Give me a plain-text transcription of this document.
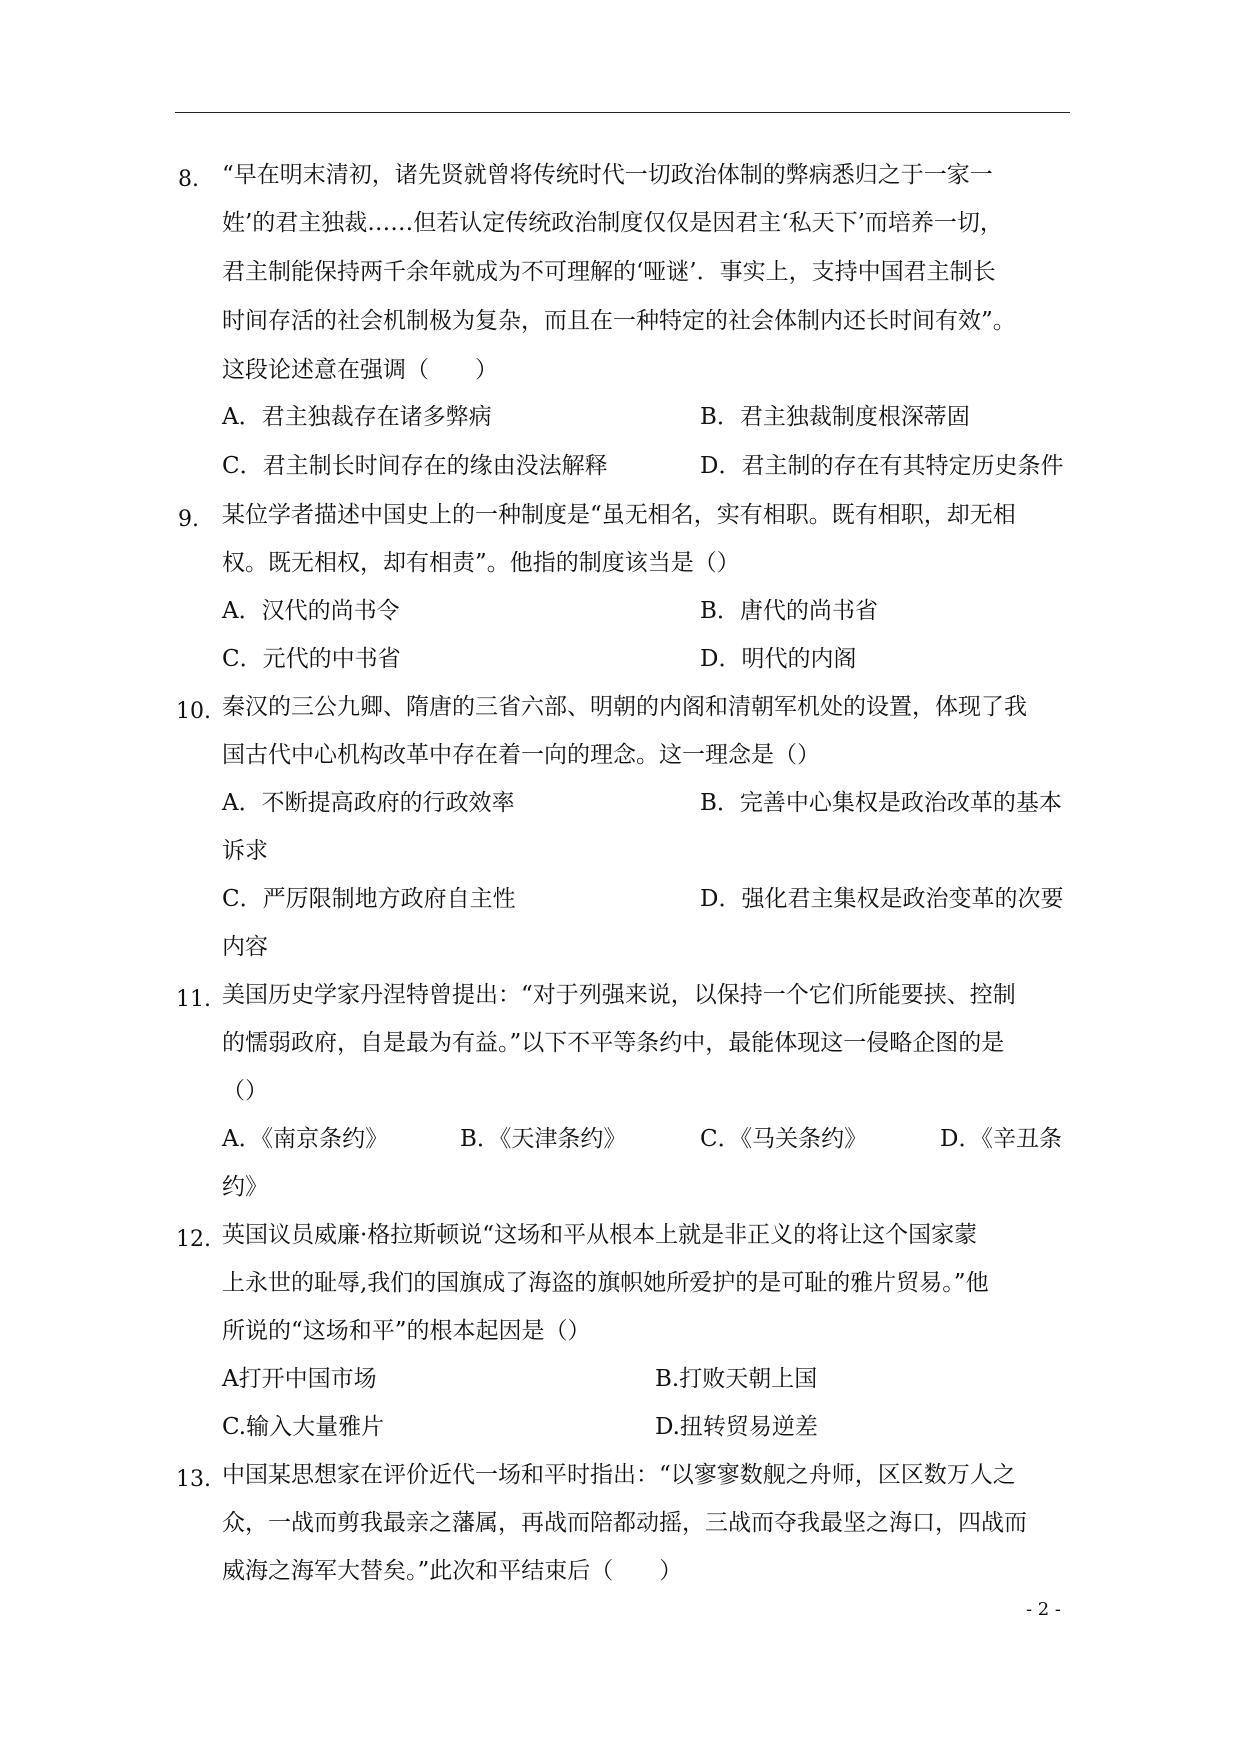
8. “早在明末清初，诸先贤就曾将传统时代一切政治体制的弊病悉归之于一家一
姓’的君主独裁……但若认定传统政治制度仅仅是因君主‘私天下’而培养一切，
君主制能保持两千余年就成为不可理解的‘哑谜’．事实上，支持中国君主制长
时间存活的社会机制极为复杂，而且在一种特定的社会体制内还长时间有效”。
这段论述意在强调（　　）
A．君主独裁存在诸多弊病	B．君主独裁制度根深蒂固
C．君主制长时间存在的缘由没法解释	D．君主制的存在有其特定历史条件
9. 某位学者描述中国史上的一种制度是“虽无相名，实有相职。既有相职，却无相
权。既无相权，却有相责”。他指的制度该当是（）
A．汉代的尚书令	B．唐代的尚书省
C．元代的中书省	D．明代的内阁
10. 秦汉的三公九卿、隋唐的三省六部、明朝的内阁和清朝军机处的设置，体现了我
国古代中心机构改革中存在着一向的理念。这一理念是（）
A．不断提高政府的行政效率	B．完善中心集权是政治改革的基本
诉求
C．严厉限制地方政府自主性	D．强化君主集权是政治变革的次要
内容
11. 美国历史学家丹涅特曾提出：“对于列强来说，以保持一个它们所能要挟、控制
的懦弱政府，自是最为有益。”以下不平等条约中，最能体现这一侵略企图的是
（）
A．《南京条约》	B．《天津条约》	C．《马关条约》	D．《辛丑条
约》
12. 英国议员威廉·格拉斯顿说“这场和平从根本上就是非正义的将让这个国家蒙
上永世的耻辱,我们的国旗成了海盗的旗帜她所爱护的是可耻的雅片贸易。”他
所说的“这场和平”的根本起因是（）
A打开中国市场	B.打败天朝上国
C.输入大量雅片	D.扭转贸易逆差
13. 中国某思想家在评价近代一场和平时指出：“以寥寥数舰之舟师，区区数万人之
众，一战而剪我最亲之藩属，再战而陪都动摇，三战而夺我最坚之海口，四战而
威海之海军大替矣。”此次和平结束后（　　）
- 2 -
